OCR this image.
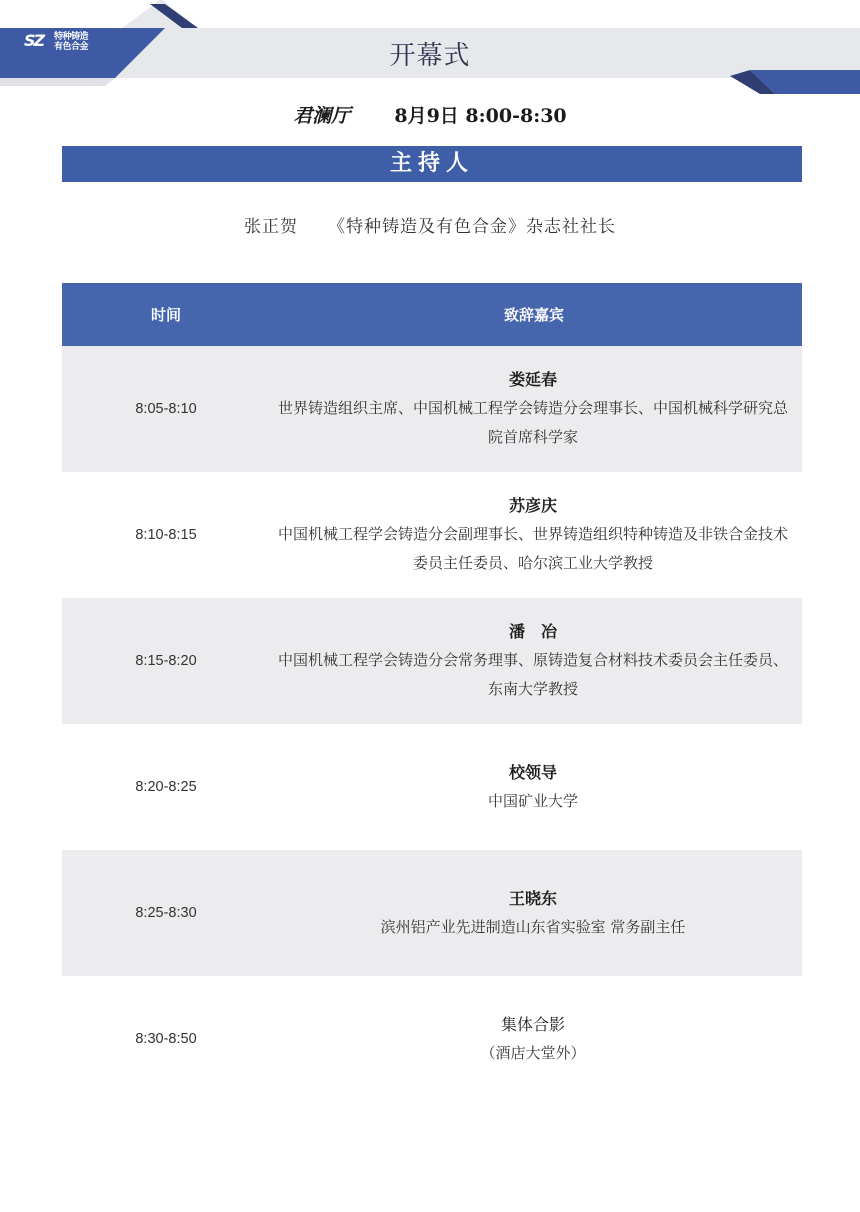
SZ 特种铸造
有色合金	开幕式
君澜厅 8月9日 8:00-8:30
主持人
张正贺 《特种铸造及有色合金》杂志社社长
时间	致辞嘉宾
8:05-8:10
娄延春
世界铸造组织主席、中国机械工程学会铸造分会理事长、中国机械科学研究总院首席科学家
8:10-8:15
苏彦庆
中国机械工程学会铸造分会副理事长、世界铸造组织特种铸造及非铁合金技术委员主任委员、哈尔滨工业大学教授
8:15-8:20
潘　冶
中国机械工程学会铸造分会常务理事、原铸造复合材料技术委员会主任委员、东南大学教授
8:20-8:25
校领导
中国矿业大学
8:25-8:30
王晓东
滨州铝产业先进制造山东省实验室 常务副主任
8:30-8:50
集体合影
（酒店大堂外）
